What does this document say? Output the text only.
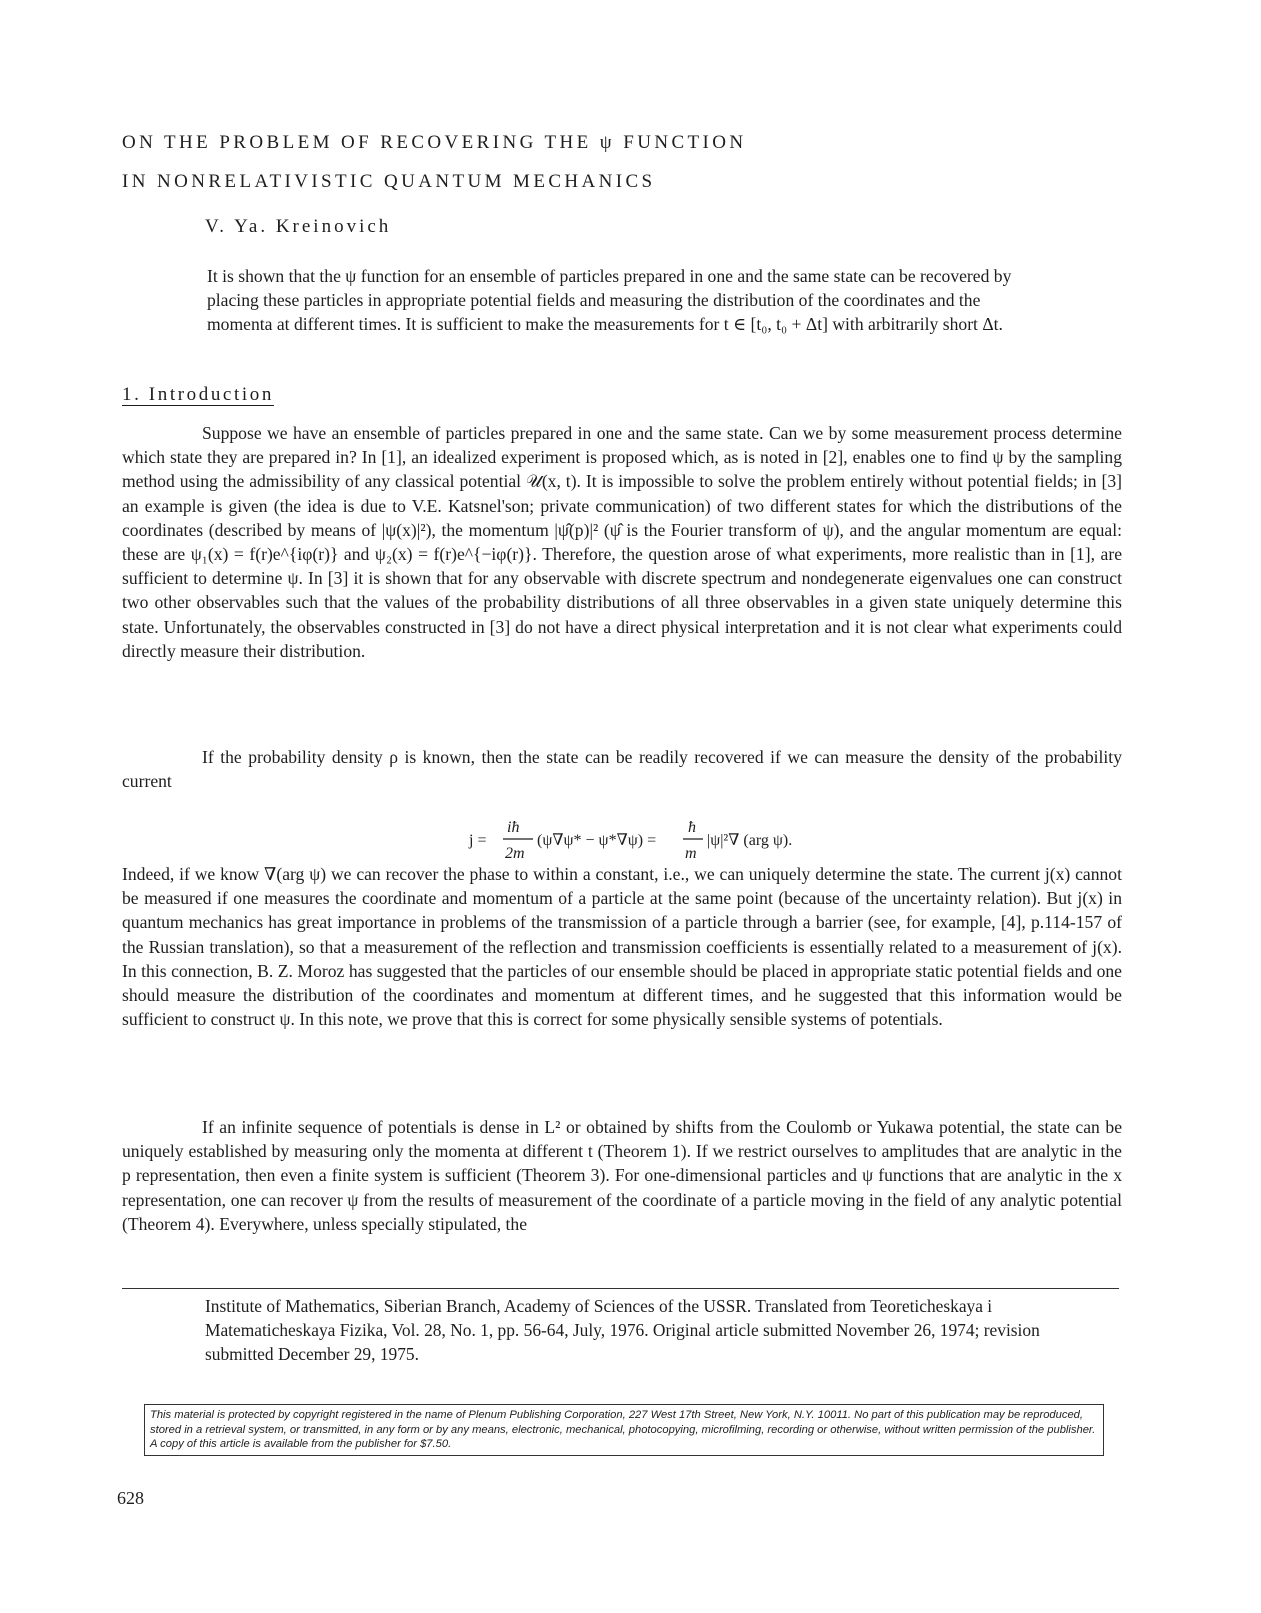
ON THE PROBLEM OF RECOVERING THE ψ FUNCTION
IN NONRELATIVISTIC QUANTUM MECHANICS
V. Ya. Kreinovich

It is shown that the ψ function for an ensemble of particles prepared in one and the same state can be recovered by placing these particles in appropriate potential fields and measuring the distribution of the coordinates and the momenta at different times. It is sufficient to make the measurements for t ∈ [t₀, t₀ + Δt] with arbitrarily short Δt.

1. Introduction

Suppose we have an ensemble of particles prepared in one and the same state. Can we by some measurement process determine which state they are prepared in? In [1], an idealized experiment is proposed which, as is noted in [2], enables one to find ψ by the sampling method using the admissibility of any classical potential 𝒰(x, t). It is impossible to solve the problem entirely without potential fields; in [3] an example is given (the idea is due to V.E. Katsnel'son; private communication) of two different states for which the distributions of the coordinates (described by means of |ψ(x)|²), the momentum |ψ̂(p)|² (ψ̂ is the Fourier transform of ψ), and the angular momentum are equal: these are ψ₁(x) = f(r)e^{iφ(r)} and ψ₂(x) = f(r)e^{−iφ(r)}. Therefore, the question arose of what experiments, more realistic than in [1], are sufficient to determine ψ. In [3] it is shown that for any observable with discrete spectrum and nondegenerate eigenvalues one can construct two other observables such that the values of the probability distributions of all three observables in a given state uniquely determine this state. Unfortunately, the observables constructed in [3] do not have a direct physical interpretation and it is not clear what experiments could directly measure their distribution.

If the probability density ρ is known, then the state can be readily recovered if we can measure the density of the probability current

j =
iħ
2m
(ψ∇ψ* − ψ*∇ψ) =
ħ
m
|ψ|²∇ (arg ψ).

Indeed, if we know ∇(arg ψ) we can recover the phase to within a constant, i.e., we can uniquely determine the state. The current j(x) cannot be measured if one measures the coordinate and momentum of a particle at the same point (because of the uncertainty relation). But j(x) in quantum mechanics has great importance in problems of the transmission of a particle through a barrier (see, for example, [4], p.114-157 of the Russian translation), so that a measurement of the reflection and transmission coefficients is essentially related to a measurement of j(x). In this connection, B. Z. Moroz has suggested that the particles of our ensemble should be placed in appropriate static potential fields and one should measure the distribution of the coordinates and momentum at different times, and he suggested that this information would be sufficient to construct ψ. In this note, we prove that this is correct for some physically sensible systems of potentials.

If an infinite sequence of potentials is dense in L² or obtained by shifts from the Coulomb or Yukawa potential, the state can be uniquely established by measuring only the momenta at different t (Theorem 1). If we restrict ourselves to amplitudes that are analytic in the p representation, then even a finite system is sufficient (Theorem 3). For one-dimensional particles and ψ functions that are analytic in the x representation, one can recover ψ from the results of measurement of the coordinate of a particle moving in the field of any analytic potential (Theorem 4). Everywhere, unless specially stipulated, the

Institute of Mathematics, Siberian Branch, Academy of Sciences of the USSR. Translated from Teoreticheskaya i Matematicheskaya Fizika, Vol. 28, No. 1, pp. 56-64, July, 1976. Original article submitted November 26, 1974; revision submitted December 29, 1975.

This material is protected by copyright registered in the name of Plenum Publishing Corporation, 227 West 17th Street, New York, N.Y. 10011. No part of this publication may be reproduced, stored in a retrieval system, or transmitted, in any form or by any means, electronic, mechanical, photocopying, microfilming, recording or otherwise, without written permission of the publisher. A copy of this article is available from the publisher for $7.50.
628
